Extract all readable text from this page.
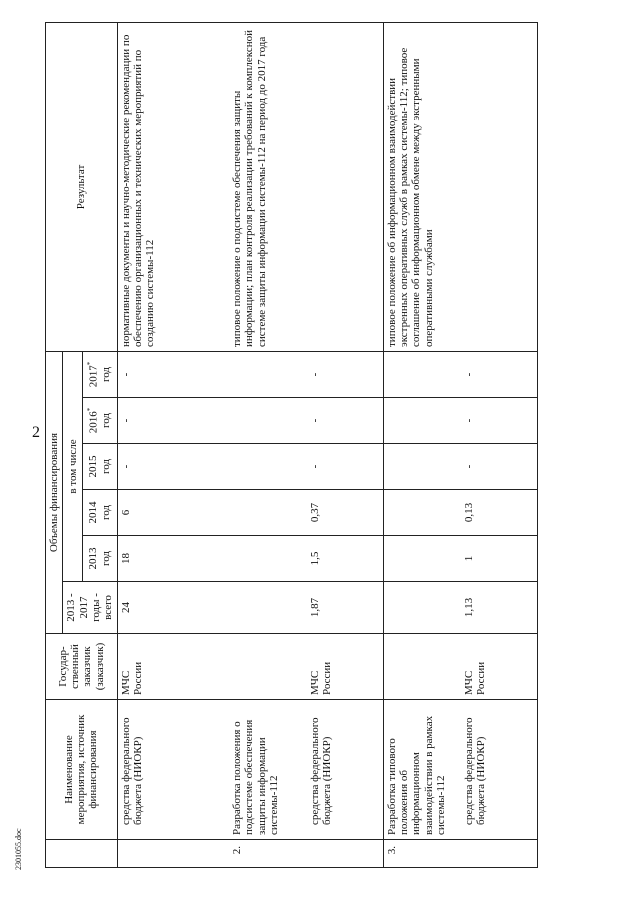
2
	Наименование мероприятия, источник финансирования	Государ-ственный заказчик (заказчик)	Объемы финансирования						Результат
			2013 - 2017 годы - всего	в том числе					
				2013 год	2014 год	2015 год	2016* год	2017* год	
	средства федерального бюджета (НИОКР)	МЧС России	24	18	6	-	-	-	нормативные документы и научно-методические рекомендации по обеспечению организационных и технических мероприятий по созданию системы-112
2.	Разработка положения о подсистеме обеспечения защиты информации системы-112								типовое положение о подсистеме обеспечения защиты информации; план контроля реализации требований к комплексной системе защиты информации системы-112 на период до 2017 года
	средства федерального бюджета (НИОКР)	МЧС России	1,87	1,5	0,37	-	-	-	
3.	Разработка типового положения об информационном взаимодействии в рамках системы-112								типовое положение об информационном взаимодействии экстренных оперативных служб в рамках системы-112; типовое соглашение об информационном обмене между экстренными оперативными службами
	средства федерального бюджета (НИОКР)	МЧС России	1,13	1	0,13	-	-	-	
2301055.doc
